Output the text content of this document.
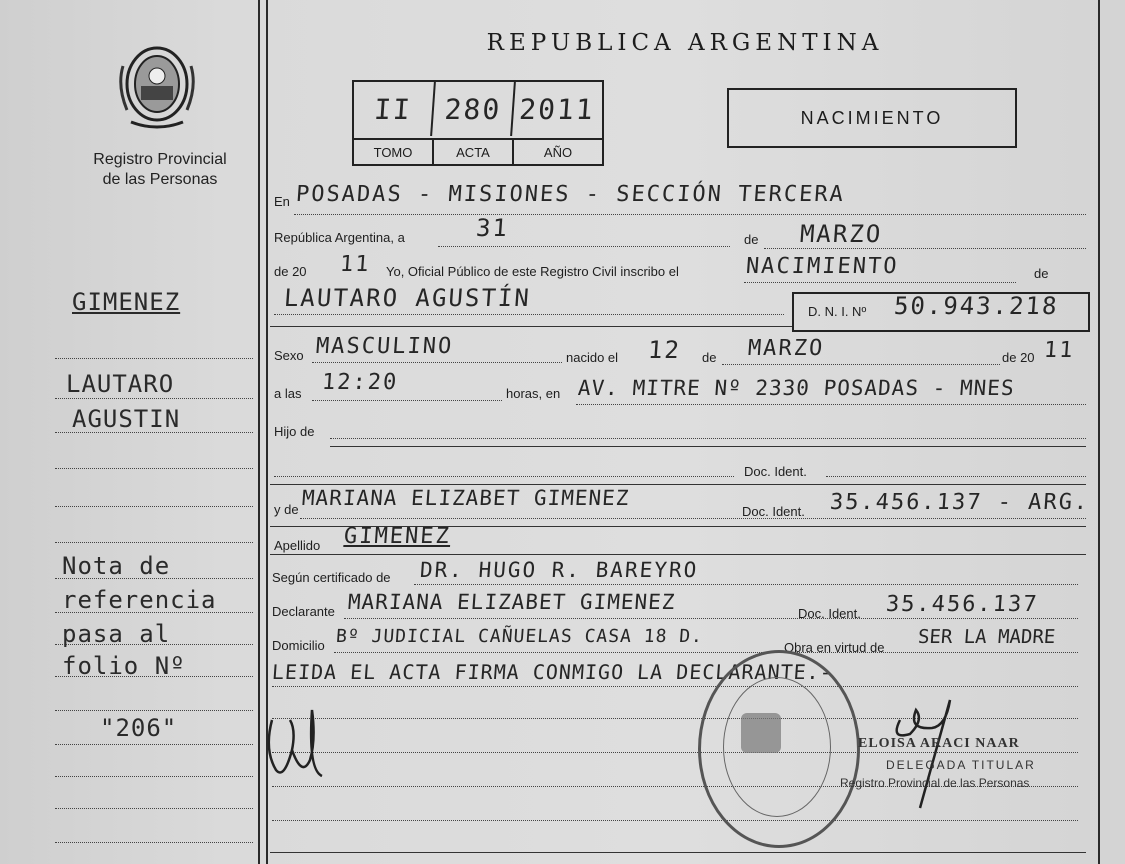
Registro Provincial
de las Personas
GIMENEZ
LAUTARO
AGUSTIN
Nota de
referencia
pasa al
folio Nº
"206"
REPUBLICA ARGENTINA
II	280 2011
TOMO	ACTA	AÑO
NACIMIENTO
En POSADAS - MISIONES - SECCIÓN TERCERA
República Argentina, a	31	de MARZO
de 20 11 Yo, Oficial Público de este Registro Civil inscribo el	NACIMIENTO	de
LAUTARO AGUSTÍN	D. N. I. Nº 50.943.218
Sexo MASCULINO	nacido el 12 de MARZO	de 20 11
a las 12:20	horas, en AV. MITRE Nº 2330 POSADAS - MNES
Hijo de
Doc. Ident.
y de MARIANA ELIZABET GIMENEZ
Doc. Ident. 35.456.137 - ARG.
Apellido GIMENEZ
Según certificado de DR. HUGO R. BAREYRO
Declarante MARIANA ELIZABET GIMENEZ	Doc. Ident. 35.456.137
Domicilio Bº JUDICIAL CAÑUELAS CASA 18 D.
Obra en virtud de SER LA MADRE
LEIDA EL ACTA FIRMA CONMIGO LA DECLARANTE.-
ELOISA ARACI NAAR
DELEGADA TITULAR
Registro Provincial de las Personas
